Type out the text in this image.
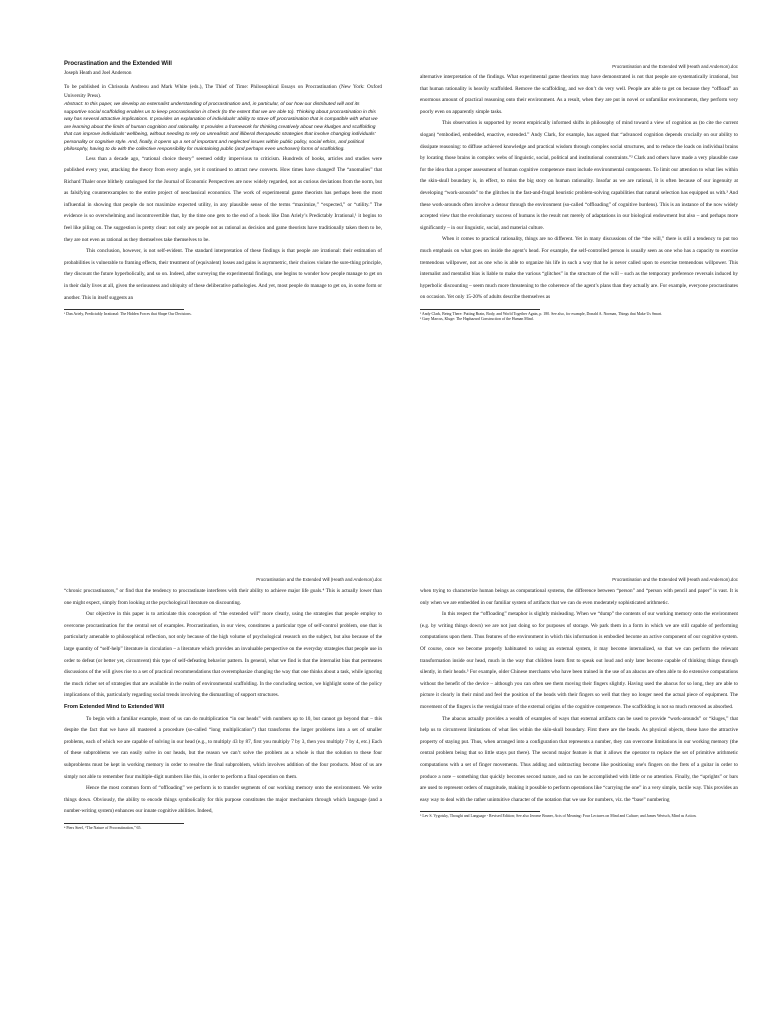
Procrastination and the Extended Will

Joseph Heath and Joel Anderson

To be published in Chrisoula Andreou and Mark White (eds.), The Thief of Time: Philosophical Essays on Procrastination (New York: Oxford University Press).

Abstract: In this paper, we develop an externalist understanding of procrastination and, in particular, of our how our distributed will and its supportive social scaffolding enables us to keep procrastination in check (to the extent that we are able to). Thinking about procrastination in this way has several attractive implications. It provides an explanation of individuals' ability to stave off procrastination that is compatible with what we are learning about the limits of human cognition and rationality. It provides a framework for thinking creatively about new kludges and scaffolding that can improve individuals' wellbeing, without needing to rely on unrealistic and illiberal therapeutic strategies that involve changing individuals' personality or cognitive style. And, finally, it opens up a set of important and neglected issues within public policy, social ethics, and political philosophy, having to do with the collective responsibility for maintaining public (and perhaps even unchosen) forms of scaffolding.

Less than a decade ago, “rational choice theory” seemed oddly impervious to criticism. Hundreds of books, articles and studies were published every year, attacking the theory from every angle, yet it continued to attract new converts. How times have changed! The “anomalies” that Richard Thaler once blithely catalogued for the Journal of Economic Perspectives are now widely regarded, not as curious deviations from the norm, but as falsifying counterexamples to the entire project of neoclassical economics. The work of experimental game theorists has perhaps been the most influential in showing that people do not maximize expected utility, in any plausible sense of the terms “maximize,” “expected,” or “utility.” The evidence is so overwhelming and incontrovertible that, by the time one gets to the end of a book like Dan Ariely’s Predictably Irrational,¹ it begins to feel like piling on. The suggestion is pretty clear: not only are people not as rational as decision and game theorists have traditionally taken them to be, they are not even as rational as they themselves take themselves to be.

This conclusion, however, is not self-evident. The standard interpretation of these findings is that people are irrational: their estimation of probabilities is vulnerable to framing effects, their treatment of (equivalent) losses and gains is asymmetric, their choices violate the sure-thing principle, they discount the future hyperbolically, and so on. Indeed, after surveying the experimental findings, one begins to wonder how people manage to get on in their daily lives at all, given the seriousness and ubiquity of these deliberative pathologies. And yet, most people do manage to get on, in some form or another. This in itself suggests an

¹ Dan Ariely, Predictably Irrational: The Hidden Forces that Shape Our Decisions.

Procrastination and the Extended Will (Heath and Anderson).doc

alternative interpretation of the findings. What experimental game theorists may have demonstrated is not that people are systematically irrational, but that human rationality is heavily scaffolded. Remove the scaffolding, and we don’t do very well. People are able to get on because they “offload” an enormous amount of practical reasoning onto their environment. As a result, when they are put in novel or unfamiliar environments, they perform very poorly even on apparently simple tasks.

This observation is supported by recent empirically informed shifts in philosophy of mind toward a view of cognition as (to cite the current slogan) “embodied, embedded, enactive, extended.” Andy Clark, for example, has argued that “advanced cognition depends crucially on our ability to dissipate reasoning: to diffuse achieved knowledge and practical wisdom through complex social structures, and to reduce the loads on individual brains by locating those brains in complex webs of linguistic, social, political and institutional constraints.”² Clark and others have made a very plausible case for the idea that a proper assessment of human cognitive competence must include environmental components. To limit our attention to what lies within the skin-skull boundary is, in effect, to miss the big story on human rationality. Insofar as we are rational, it is often because of our ingenuity at developing “work-arounds” to the glitches in the fast-and-frugal heuristic problem-solving capabilities that natural selection has equipped us with.³ And these work-arounds often involve a detour through the environment (so-called “offloading” of cognitive burdens). This is an instance of the now widely accepted view that the evolutionary success of humans is the result not merely of adaptations in our biological endowment but also – and perhaps more significantly – in our linguistic, social, and material culture.

When it comes to practical rationality, things are no different. Yet in many discussions of the “the will,” there is still a tendency to put too much emphasis on what goes on inside the agent’s head. For example, the self-controlled person is usually seen as one who has a capacity to exercise tremendous willpower, not as one who is able to organize his life in such a way that he is never called upon to exercise tremendous willpower. This internalist and mentalist bias is liable to make the various “glitches” in the structure of the will – such as the temporary preference reversals induced by hyperbolic discounting – seem much more threatening to the coherence of the agent’s plans than they actually are. For example, everyone procrastinates on occasion. Yet only 15-20% of adults describe themselves as

² Andy Clark, Being There: Putting Brain, Body, and World Together Again, p. 180. See also, for example, Donald A. Norman, Things that Make Us Smart.

³ Gary Marcus, Kluge: The Haphazard Construction of the Human Mind.

Procrastination and the Extended Will (Heath and Anderson).doc

“chronic procrastinators,” or find that the tendency to procrastinate interferes with their ability to achieve major life goals.⁴ This is actually lower than one might expect, simply from looking at the psychological literature on discounting.

Our objective in this paper is to articulate this conception of “the extended will” more clearly, using the strategies that people employ to overcome procrastination for the central set of examples. Procrastination, in our view, constitutes a particular type of self-control problem, one that is particularly amenable to philosophical reflection, not only because of the high volume of psychological research on the subject, but also because of the large quantity of “self-help” literature in circulation – a literature which provides an invaluable perspective on the everyday strategies that people use in order to defeat (or better yet, circumvent) this type of self-defeating behavior pattern. In general, what we find is that the internalist bias that permeates discussions of the will gives rise to a set of practical recommendations that overemphasize changing the way that one thinks about a task, while ignoring the much richer set of strategies that are available in the realm of environmental scaffolding. In the concluding section, we highlight some of the policy implications of this, particularly regarding social trends involving the dismantling of support structures.

From Extended Mind to Extended Will

To begin with a familiar example, most of us can do multiplication “in our heads” with numbers up to 10, but cannot go beyond that – this despite the fact that we have all mastered a procedure (so-called “long multiplication”) that transforms the larger problems into a set of smaller problems, each of which we are capable of solving in our head (e.g., to multiply 43 by 87, first you multiply 7 by 3, then you multiply 7 by 4, etc.) Each of these subproblems we can easily solve in our heads, but the reason we can’t solve the problem as a whole is that the solution to these four subproblems must be kept in working memory in order to resolve the final subproblem, which involves addition of the four products. Most of us are simply not able to remember four multiple-digit numbers like this, in order to perform a final operation on them.

Hence the most common form of “offloading” we perform is to transfer segments of our working memory onto the environment. We write things down. Obviously, the ability to encode things symbolically for this purpose constitutes the major mechanism through which language (and a number-writing system) enhances our innate cognitive abilities. Indeed,

⁴ Piers Steel, “The Nature of Procrastination,” 65.

Procrastination and the Extended Will (Heath and Anderson).doc

when trying to characterize human beings as computational systems, the difference between “person” and “person with pencil and paper” is vast. It is only when we are embedded in our familiar system of artifacts that we can do even moderately sophisticated arithmetic.

In this respect the “offloading” metaphor is slightly misleading. When we “dump” the contents of our working memory onto the environment (e.g. by writing things down) we are not just doing so for purposes of storage. We park them in a form in which we are still capable of performing computations upon them. Thus features of the environment in which this information is embodied become an active component of our cognitive system. Of course, once we become properly habituated to using an external system, it may become internalized, so that we can perform the relevant transformation inside our head, much in the way that children learn first to speak out loud and only later become capable of thinking things through silently, in their heads.⁵ For example, older Chinese merchants who have been trained in the use of an abacus are often able to do extensive computations without the benefit of the device – although you can often see them moving their fingers slightly. Having used the abacus for so long, they are able to picture it clearly in their mind and feel the position of the beads with their fingers so well that they no longer need the actual piece of equipment. The movement of the fingers is the vestigial trace of the external origins of the cognitive competence. The scaffolding is not so much removed as absorbed.

The abacus actually provides a wealth of examples of ways that external artifacts can be used to provide “work-arounds” or “kluges,” that help us to circumvent limitations of what lies within the skin-skull boundary. First there are the beads. As physical objects, these have the attractive property of staying put. Thus, when arranged into a configuration that represents a number, they can overcome limitations in our working memory (the central problem being that so little stays put there). The second major feature is that it allows the operator to replace the set of primitive arithmetic computations with a set of finger movements. Thus adding and subtracting become like positioning one's fingers on the frets of a guitar in order to produce a note – something that quickly becomes second nature, and so can be accomplished with little or no attention. Finally, the “uprights” or bars are used to represent orders of magnitude, making it possible to perform operations like “carrying the one” in a very simple, tactile way. This provides an easy way to deal with the rather unintuitive character of the notation that we use for numbers, viz. the “base” numbering

⁵ Lev S. Vygotsky, Thought and Language - Revised Edition; See also Jerome Bruner, Acts of Meaning: Four Lectures on Mind and Culture; and James Wertsch, Mind as Action.
